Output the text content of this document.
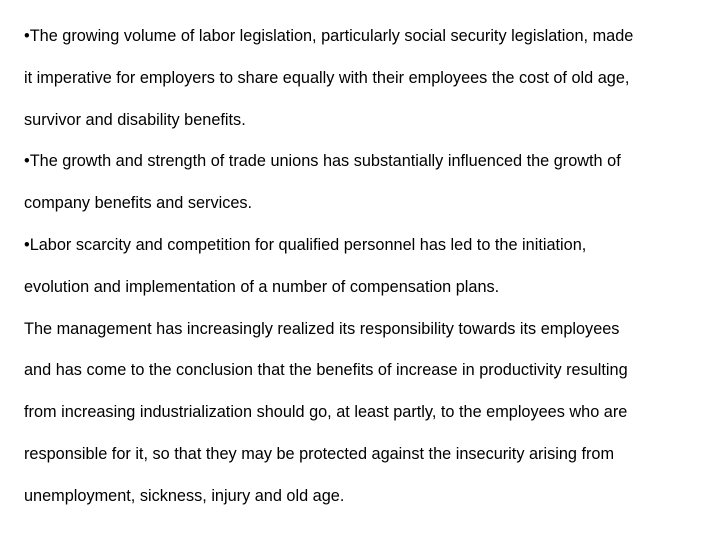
•The growing volume of labor legislation, particularly social security legislation, made
it imperative for employers to share equally with their employees the cost of old age,
survivor and disability benefits.
•The growth and strength of trade unions has substantially influenced the growth of
company benefits and services.
•Labor scarcity and competition for qualified personnel has led to the initiation,
evolution and implementation of a number of compensation plans.
The management has increasingly realized its responsibility towards its employees
and has come to the conclusion that the benefits of increase in productivity resulting
from increasing industrialization should go, at least partly, to the employees who are
responsible for it, so that they may be protected against the insecurity arising from
unemployment, sickness, injury and old age.
